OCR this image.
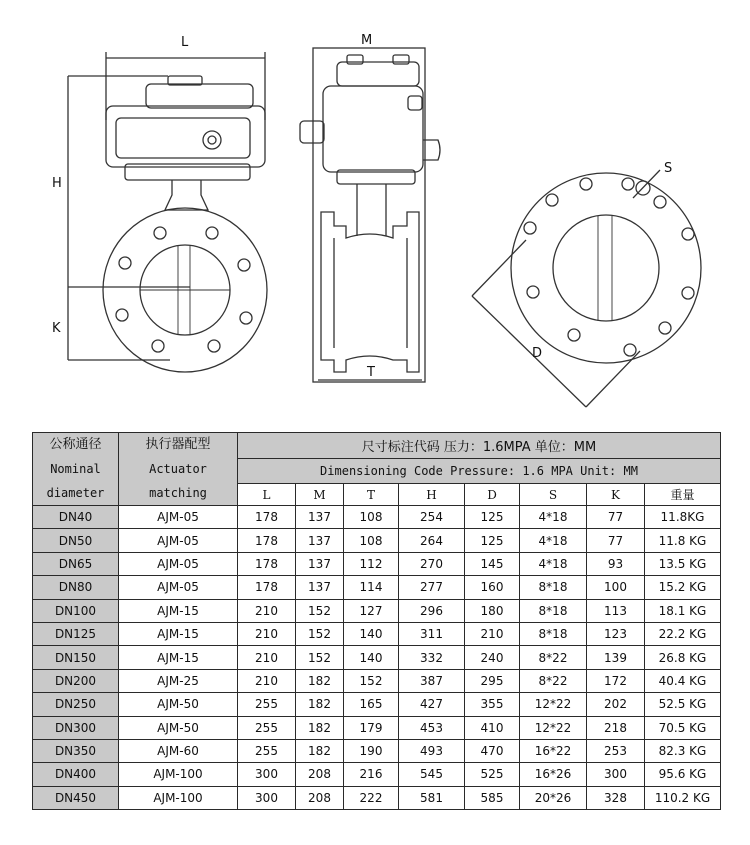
L
H
K
M
T
S
D
公称通径
Nominal
diameter	执行器配型
Actuator
matching	尺寸标注代码 压力：1.6MPA 单位：MM							
		Dimensioning Code Pressure: 1.6 MPA Unit: MM							
		L	M	T	H	D	S	K	重量
DN40	AJM-05	178	137	108	254	125	4*18	77	11.8KG
DN50	AJM-05	178	137	108	264	125	4*18	77	11.8 KG
DN65	AJM-05	178	137	112	270	145	4*18	93	13.5 KG
DN80	AJM-05	178	137	114	277	160	8*18	100	15.2 KG
DN100	AJM-15	210	152	127	296	180	8*18	113	18.1 KG
DN125	AJM-15	210	152	140	311	210	8*18	123	22.2 KG
DN150	AJM-15	210	152	140	332	240	8*22	139	26.8 KG
DN200	AJM-25	210	182	152	387	295	8*22	172	40.4 KG
DN250	AJM-50	255	182	165	427	355	12*22	202	52.5 KG
DN300	AJM-50	255	182	179	453	410	12*22	218	70.5 KG
DN350	AJM-60	255	182	190	493	470	16*22	253	82.3 KG
DN400	AJM-100	300	208	216	545	525	16*26	300	95.6 KG
DN450	AJM-100	300	208	222	581	585	20*26	328	110.2 KG
